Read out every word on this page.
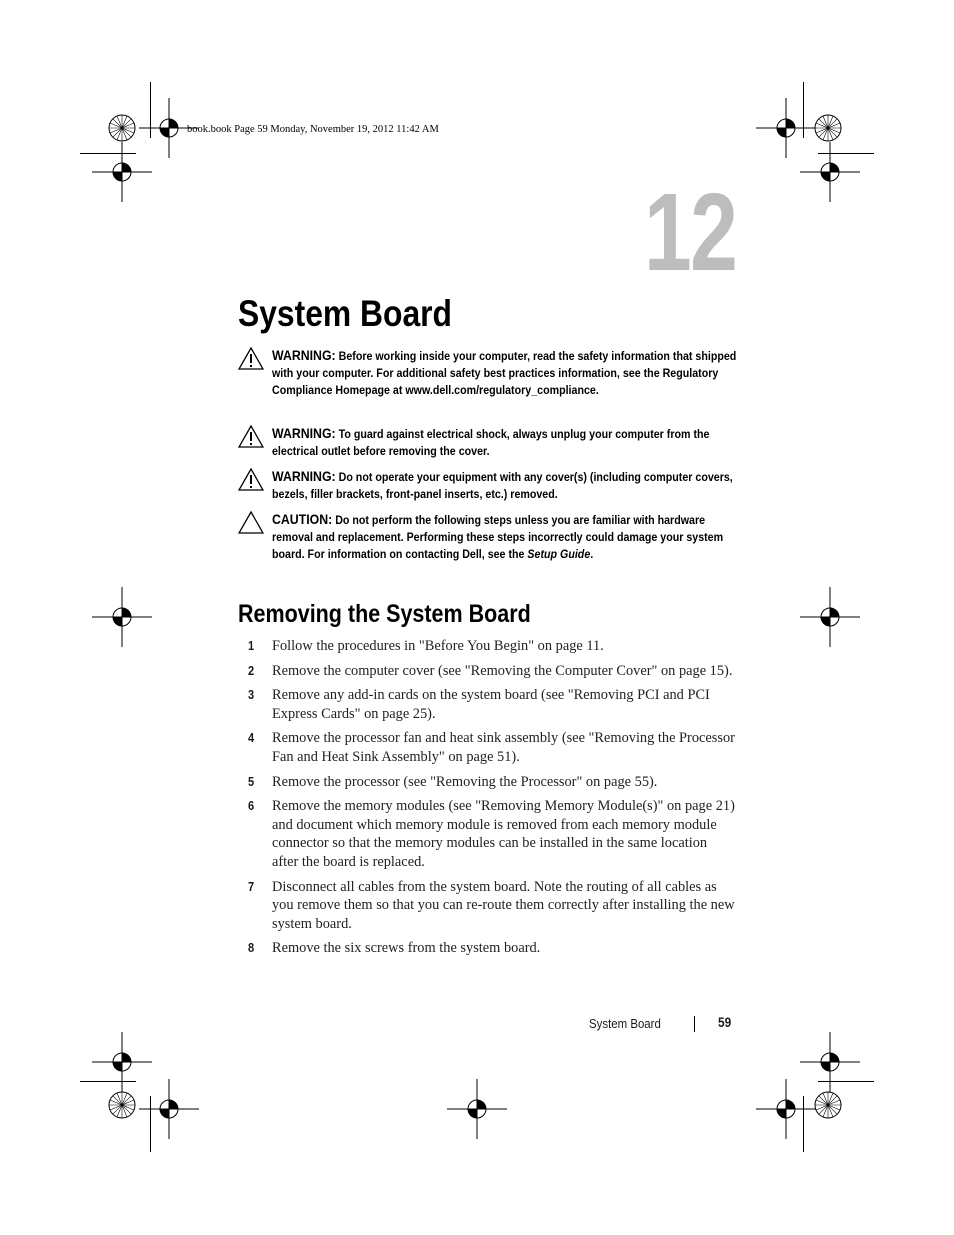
book.book Page 59 Monday, November 19, 2012 11:42 AM
12
System Board
WARNING: Before working inside your computer, read the safety information that shipped with your computer. For additional safety best practices information, see the Regulatory Compliance Homepage at www.dell.com/regulatory_compliance.
WARNING: To guard against electrical shock, always unplug your computer from the electrical outlet before removing the cover.
WARNING: Do not operate your equipment with any cover(s) (including computer covers, bezels, filler brackets, front-panel inserts, etc.) removed.
CAUTION: Do not perform the following steps unless you are familiar with hardware removal and replacement. Performing these steps incorrectly could damage your system board. For information on contacting Dell, see the Setup Guide.
Removing the System Board
1 Follow the procedures in "Before You Begin" on page 11.
2 Remove the computer cover (see "Removing the Computer Cover" on page 15).
3 Remove any add-in cards on the system board (see "Removing PCI and PCI Express Cards" on page 25).
4 Remove the processor fan and heat sink assembly (see "Removing the Processor Fan and Heat Sink Assembly" on page 51).
5 Remove the processor (see "Removing the Processor" on page 55).
6 Remove the memory modules (see "Removing Memory Module(s)" on page 21) and document which memory module is removed from each memory module connector so that the memory modules can be installed in the same location after the board is replaced.
7 Disconnect all cables from the system board. Note the routing of all cables as you remove them so that you can re-route them correctly after installing the new system board.
8 Remove the six screws from the system board.
System Board	59
